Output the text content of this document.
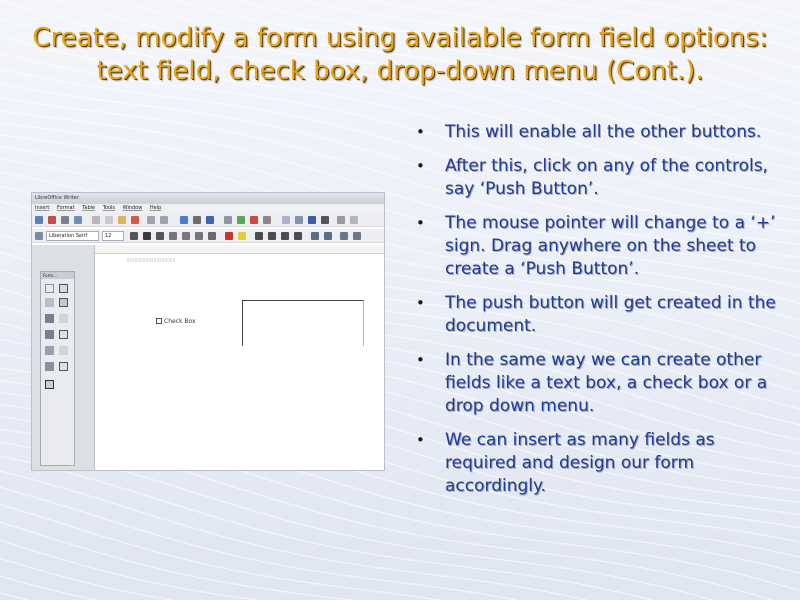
Create, modify a form using available form field options:
text field, check box, drop-down menu (Cont.).
LibreOffice Writer
Insert Format Table Tools Window Help
Liberation Serif	12
Form...
▯▯▯▯▯▯▯▯▯▯▯▯▯▯▯▯▯▯
Check Box
• This will enable all the other buttons.
• After this, click on any of the controls, say ‘Push Button’.
• The mouse pointer will change to a ‘+’ sign. Drag anywhere on the sheet to create a ‘Push Button’.
• The push button will get created in the document.
• In the same way we can create other fields like a text box, a check box or a drop down menu.
• We can insert as many fields as required and design our form accordingly.
